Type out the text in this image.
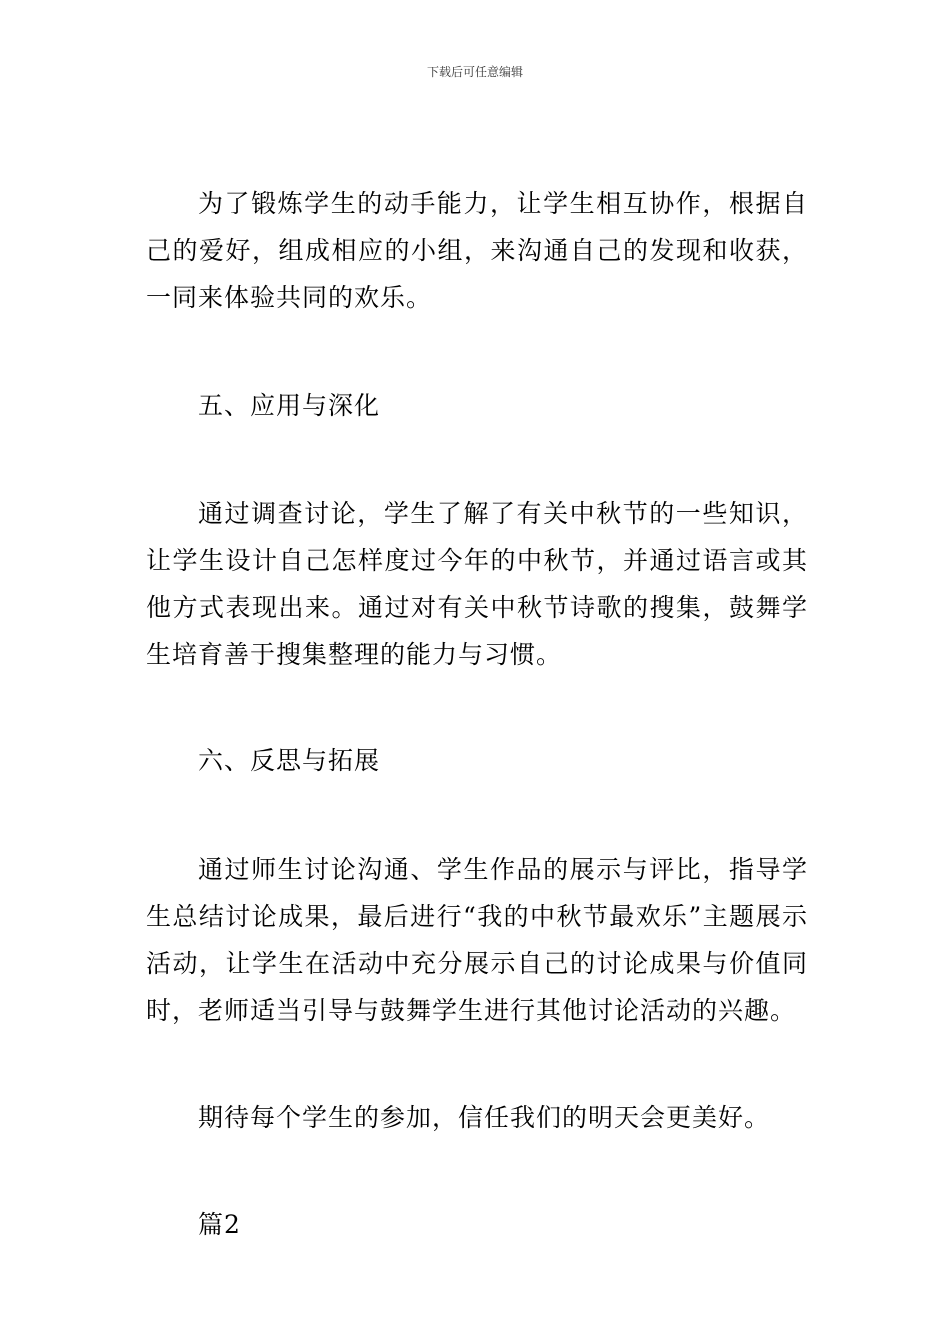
下载后可任意编辑

为了锻炼学生的动手能力，让学生相互协作，根据自己的爱好，组成相应的小组，来沟通自己的发现和收获，一同来体验共同的欢乐。

五、应用与深化

通过调查讨论，学生了解了有关中秋节的一些知识，让学生设计自己怎样度过今年的中秋节，并通过语言或其他方式表现出来。通过对有关中秋节诗歌的搜集，鼓舞学生培育善于搜集整理的能力与习惯。

六、反思与拓展

通过师生讨论沟通、学生作品的展示与评比，指导学生总结讨论成果，最后进行“我的中秋节最欢乐”主题展示活动，让学生在活动中充分展示自己的讨论成果与价值同时，老师适当引导与鼓舞学生进行其他讨论活动的兴趣。

期待每个学生的参加，信任我们的明天会更美好。

篇2
